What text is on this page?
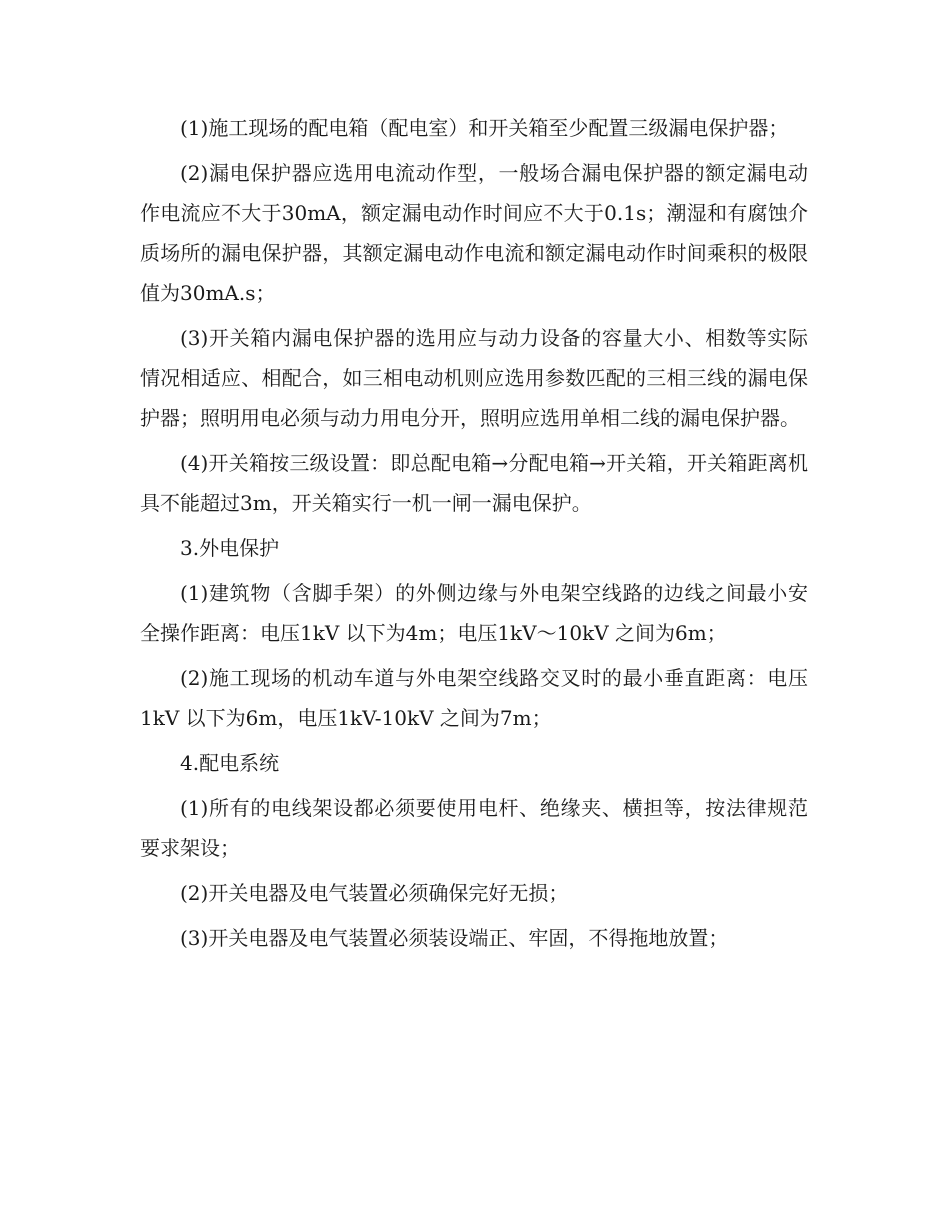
(1)施工现场的配电箱（配电室）和开关箱至少配置三级漏电保护器；

(2)漏电保护器应选用电流动作型，一般场合漏电保护器的额定漏电动作电流应不大于30mA，额定漏电动作时间应不大于0.1s；潮湿和有腐蚀介质场所的漏电保护器，其额定漏电动作电流和额定漏电动作时间乘积的极限值为30mA.s；

(3)开关箱内漏电保护器的选用应与动力设备的容量大小、相数等实际情况相适应、相配合，如三相电动机则应选用参数匹配的三相三线的漏电保护器；照明用电必须与动力用电分开，照明应选用单相二线的漏电保护器。

(4)开关箱按三级设置：即总配电箱→分配电箱→开关箱，开关箱距离机具不能超过3m，开关箱实行一机一闸一漏电保护。

3.外电保护

(1)建筑物（含脚手架）的外侧边缘与外电架空线路的边线之间最小安全操作距离：电压1kV 以下为4m；电压1kV～10kV 之间为6m；

(2)施工现场的机动车道与外电架空线路交叉时的最小垂直距离：电压1kV 以下为6m，电压1kV-10kV 之间为7m；

4.配电系统

(1)所有的电线架设都必须要使用电杆、绝缘夹、横担等，按法律规范要求架设；

(2)开关电器及电气装置必须确保完好无损；

(3)开关电器及电气装置必须装设端正、牢固，不得拖地放置；
